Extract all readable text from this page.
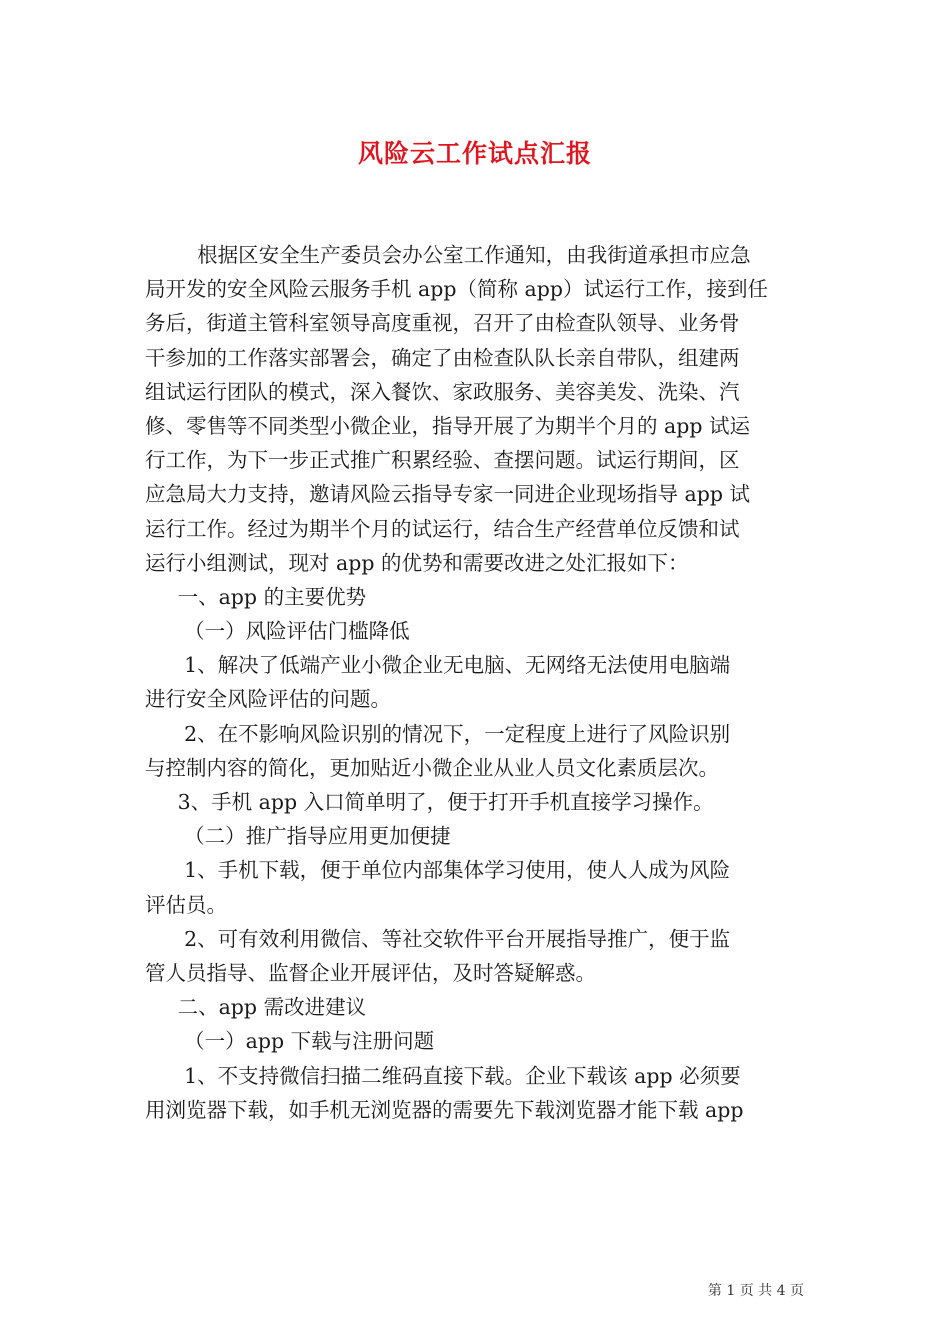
风险云工作试点汇报
根据区安全生产委员会办公室工作通知，由我街道承担市应急
局开发的安全风险云服务手机 app（简称 app）试运行工作，接到任
务后，街道主管科室领导高度重视，召开了由检查队领导、业务骨
干参加的工作落实部署会，确定了由检查队队长亲自带队，组建两
组试运行团队的模式，深入餐饮、家政服务、美容美发、洗染、汽
修、零售等不同类型小微企业，指导开展了为期半个月的 app 试运
行工作，为下一步正式推广积累经验、查摆问题。试运行期间，区
应急局大力支持，邀请风险云指导专家一同进企业现场指导 app 试
运行工作。经过为期半个月的试运行，结合生产经营单位反馈和试
运行小组测试，现对 app 的优势和需要改进之处汇报如下：
一、app 的主要优势
（一）风险评估门槛降低
1、解决了低端产业小微企业无电脑、无网络无法使用电脑端
进行安全风险评估的问题。
2、在不影响风险识别的情况下，一定程度上进行了风险识别
与控制内容的简化，更加贴近小微企业从业人员文化素质层次。
3、手机 app 入口简单明了，便于打开手机直接学习操作。
（二）推广指导应用更加便捷
1、手机下载，便于单位内部集体学习使用，使人人成为风险
评估员。
2、可有效利用微信、等社交软件平台开展指导推广，便于监
管人员指导、监督企业开展评估，及时答疑解惑。
二、app 需改进建议
（一）app 下载与注册问题
1、不支持微信扫描二维码直接下载。企业下载该 app 必须要
用浏览器下载，如手机无浏览器的需要先下载浏览器才能下载 app
第 1 页 共 4 页
